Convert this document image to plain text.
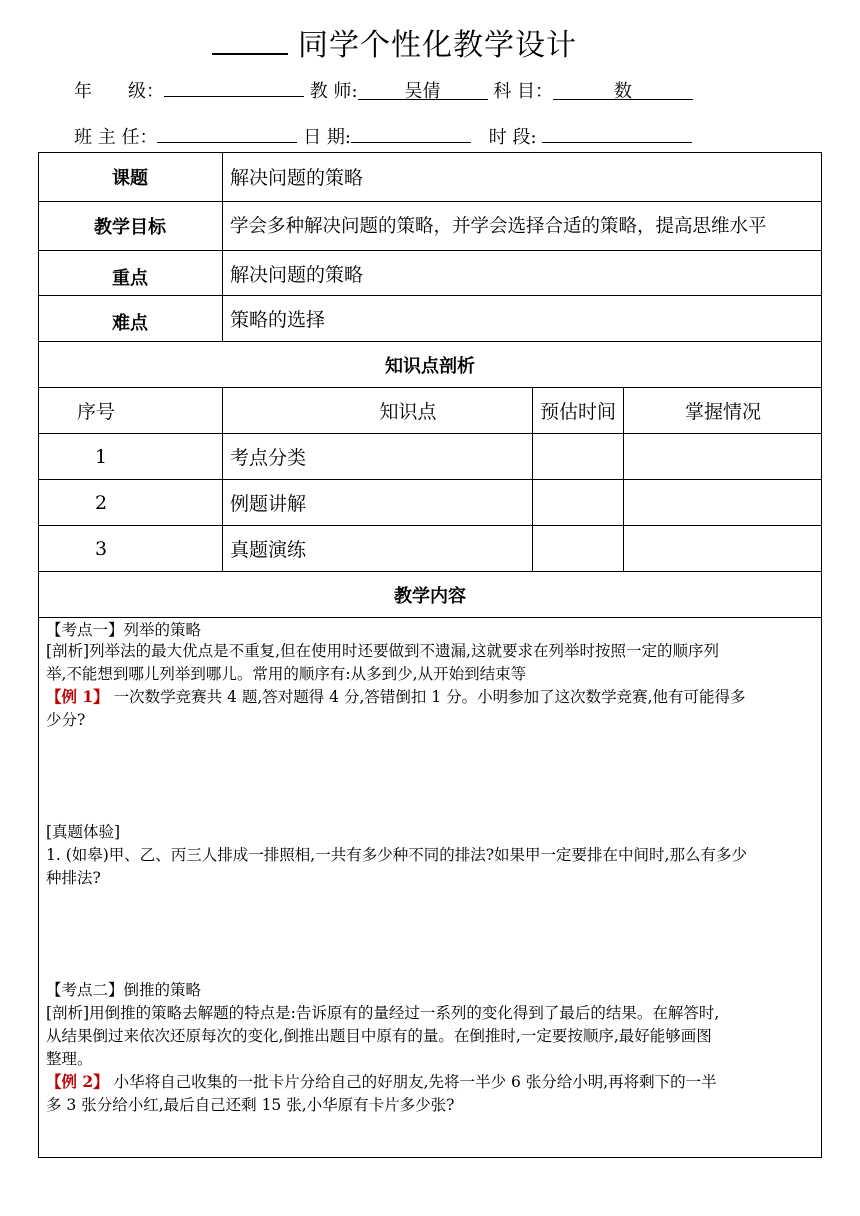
同学个性化教学设计
年　　级：	教 师:	吴倩	科 目：	数
班 主 任：	日 期:	时 段:
课题	解决问题的策略
教学目标	学会多种解决问题的策略，并学会选择合适的策略，提高思维水平
重点	解决问题的策略
难点	策略的选择
知识点剖析
序号	知识点	预估时间	掌握情况
1	考点分类
2	例题讲解
3	真题演练
教学内容
【考点一】列举的策略
[剖析]列举法的最大优点是不重复,但在使用时还要做到不遗漏,这就要求在列举时按照一定的顺序列
举,不能想到哪儿列举到哪儿。常用的顺序有:从多到少,从开始到结束等
【例 1】 一次数学竞赛共 4 题,答对题得 4 分,答错倒扣 1 分。小明参加了这次数学竞赛,他有可能得多
少分?
[真题体验]
1. (如皋)甲、乙、丙三人排成一排照相,一共有多少种不同的排法?如果甲一定要排在中间时,那么有多少
种排法?
【考点二】倒推的策略
[剖析]用倒推的策略去解题的特点是:告诉原有的量经过一系列的变化得到了最后的结果。在解答时,
从结果倒过来依次还原每次的变化,倒推出题目中原有的量。在倒推时,一定要按顺序,最好能够画图
整理。
【例 2】 小华将自己收集的一批卡片分给自己的好朋友,先将一半少 6 张分给小明,再将剩下的一半
多 3 张分给小红,最后自己还剩 15 张,小华原有卡片多少张?
